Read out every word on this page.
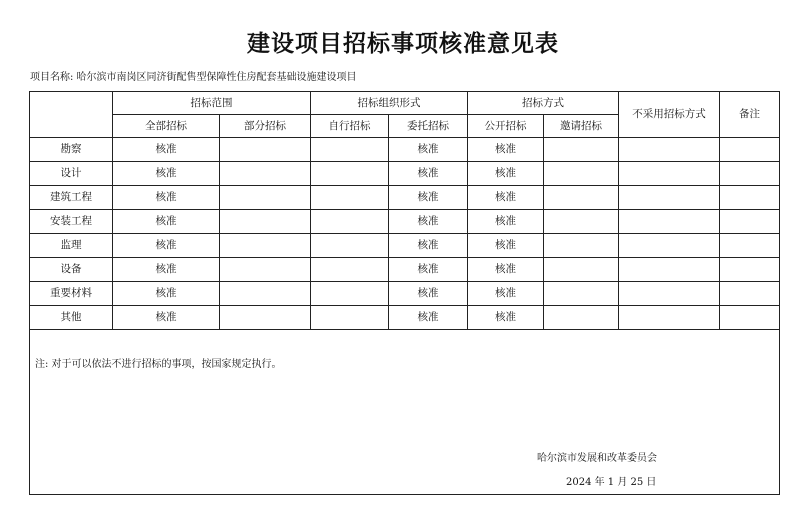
建设项目招标事项核准意见表
项目名称: 哈尔滨市南岗区同济街配售型保障性住房配套基础设施建设项目
	招标范围		招标组织形式		招标方式		不采用招标方式	备注
	全部招标	部分招标	自行招标	委托招标	公开招标	邀请招标		
勘察	核准			核准	核准			
设计	核准			核准	核准			
建筑工程	核准			核准	核准			
安装工程	核准			核准	核准			
监理	核准			核准	核准			
设备	核准			核准	核准			
重要材料	核准			核准	核准			
其他	核准			核准	核准			

注: 对于可以依法不进行招标的事项，按国家规定执行。
哈尔滨市发展和改革委员会
2024 年 1 月 25 日								
